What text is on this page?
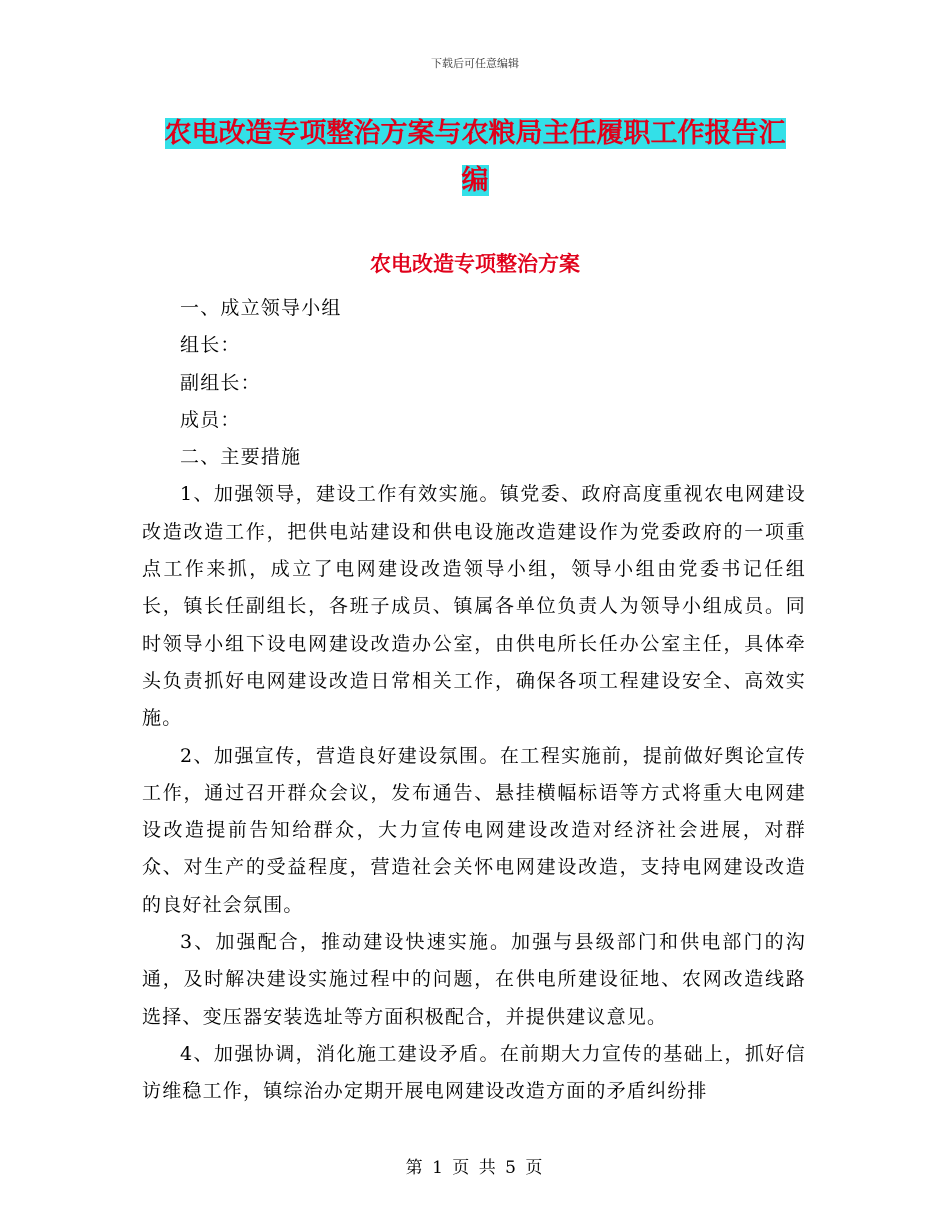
下载后可任意编辑
农电改造专项整治方案与农粮局主任履职工作报告汇
编
农电改造专项整治方案

一、成立领导小组

组长：

副组长：

成员：

二、主要措施

1、加强领导，建设工作有效实施。镇党委、政府高度重视农电网建设改造改造工作，把供电站建设和供电设施改造建设作为党委政府的一项重点工作来抓，成立了电网建设改造领导小组，领导小组由党委书记任组长，镇长任副组长，各班子成员、镇属各单位负责人为领导小组成员。同时领导小组下设电网建设改造办公室，由供电所长任办公室主任，具体牵头负责抓好电网建设改造日常相关工作，确保各项工程建设安全、高效实施。

2、加强宣传，营造良好建设氛围。在工程实施前，提前做好舆论宣传工作，通过召开群众会议，发布通告、悬挂横幅标语等方式将重大电网建设改造提前告知给群众，大力宣传电网建设改造对经济社会进展，对群众、对生产的受益程度，营造社会关怀电网建设改造，支持电网建设改造的良好社会氛围。

3、加强配合，推动建设快速实施。加强与县级部门和供电部门的沟通，及时解决建设实施过程中的问题，在供电所建设征地、农网改造线路选择、变压器安装选址等方面积极配合，并提供建议意见。

4、加强协调，消化施工建设矛盾。在前期大力宣传的基础上，抓好信访维稳工作，镇综治办定期开展电网建设改造方面的矛盾纠纷排

第 1 页 共 5 页
